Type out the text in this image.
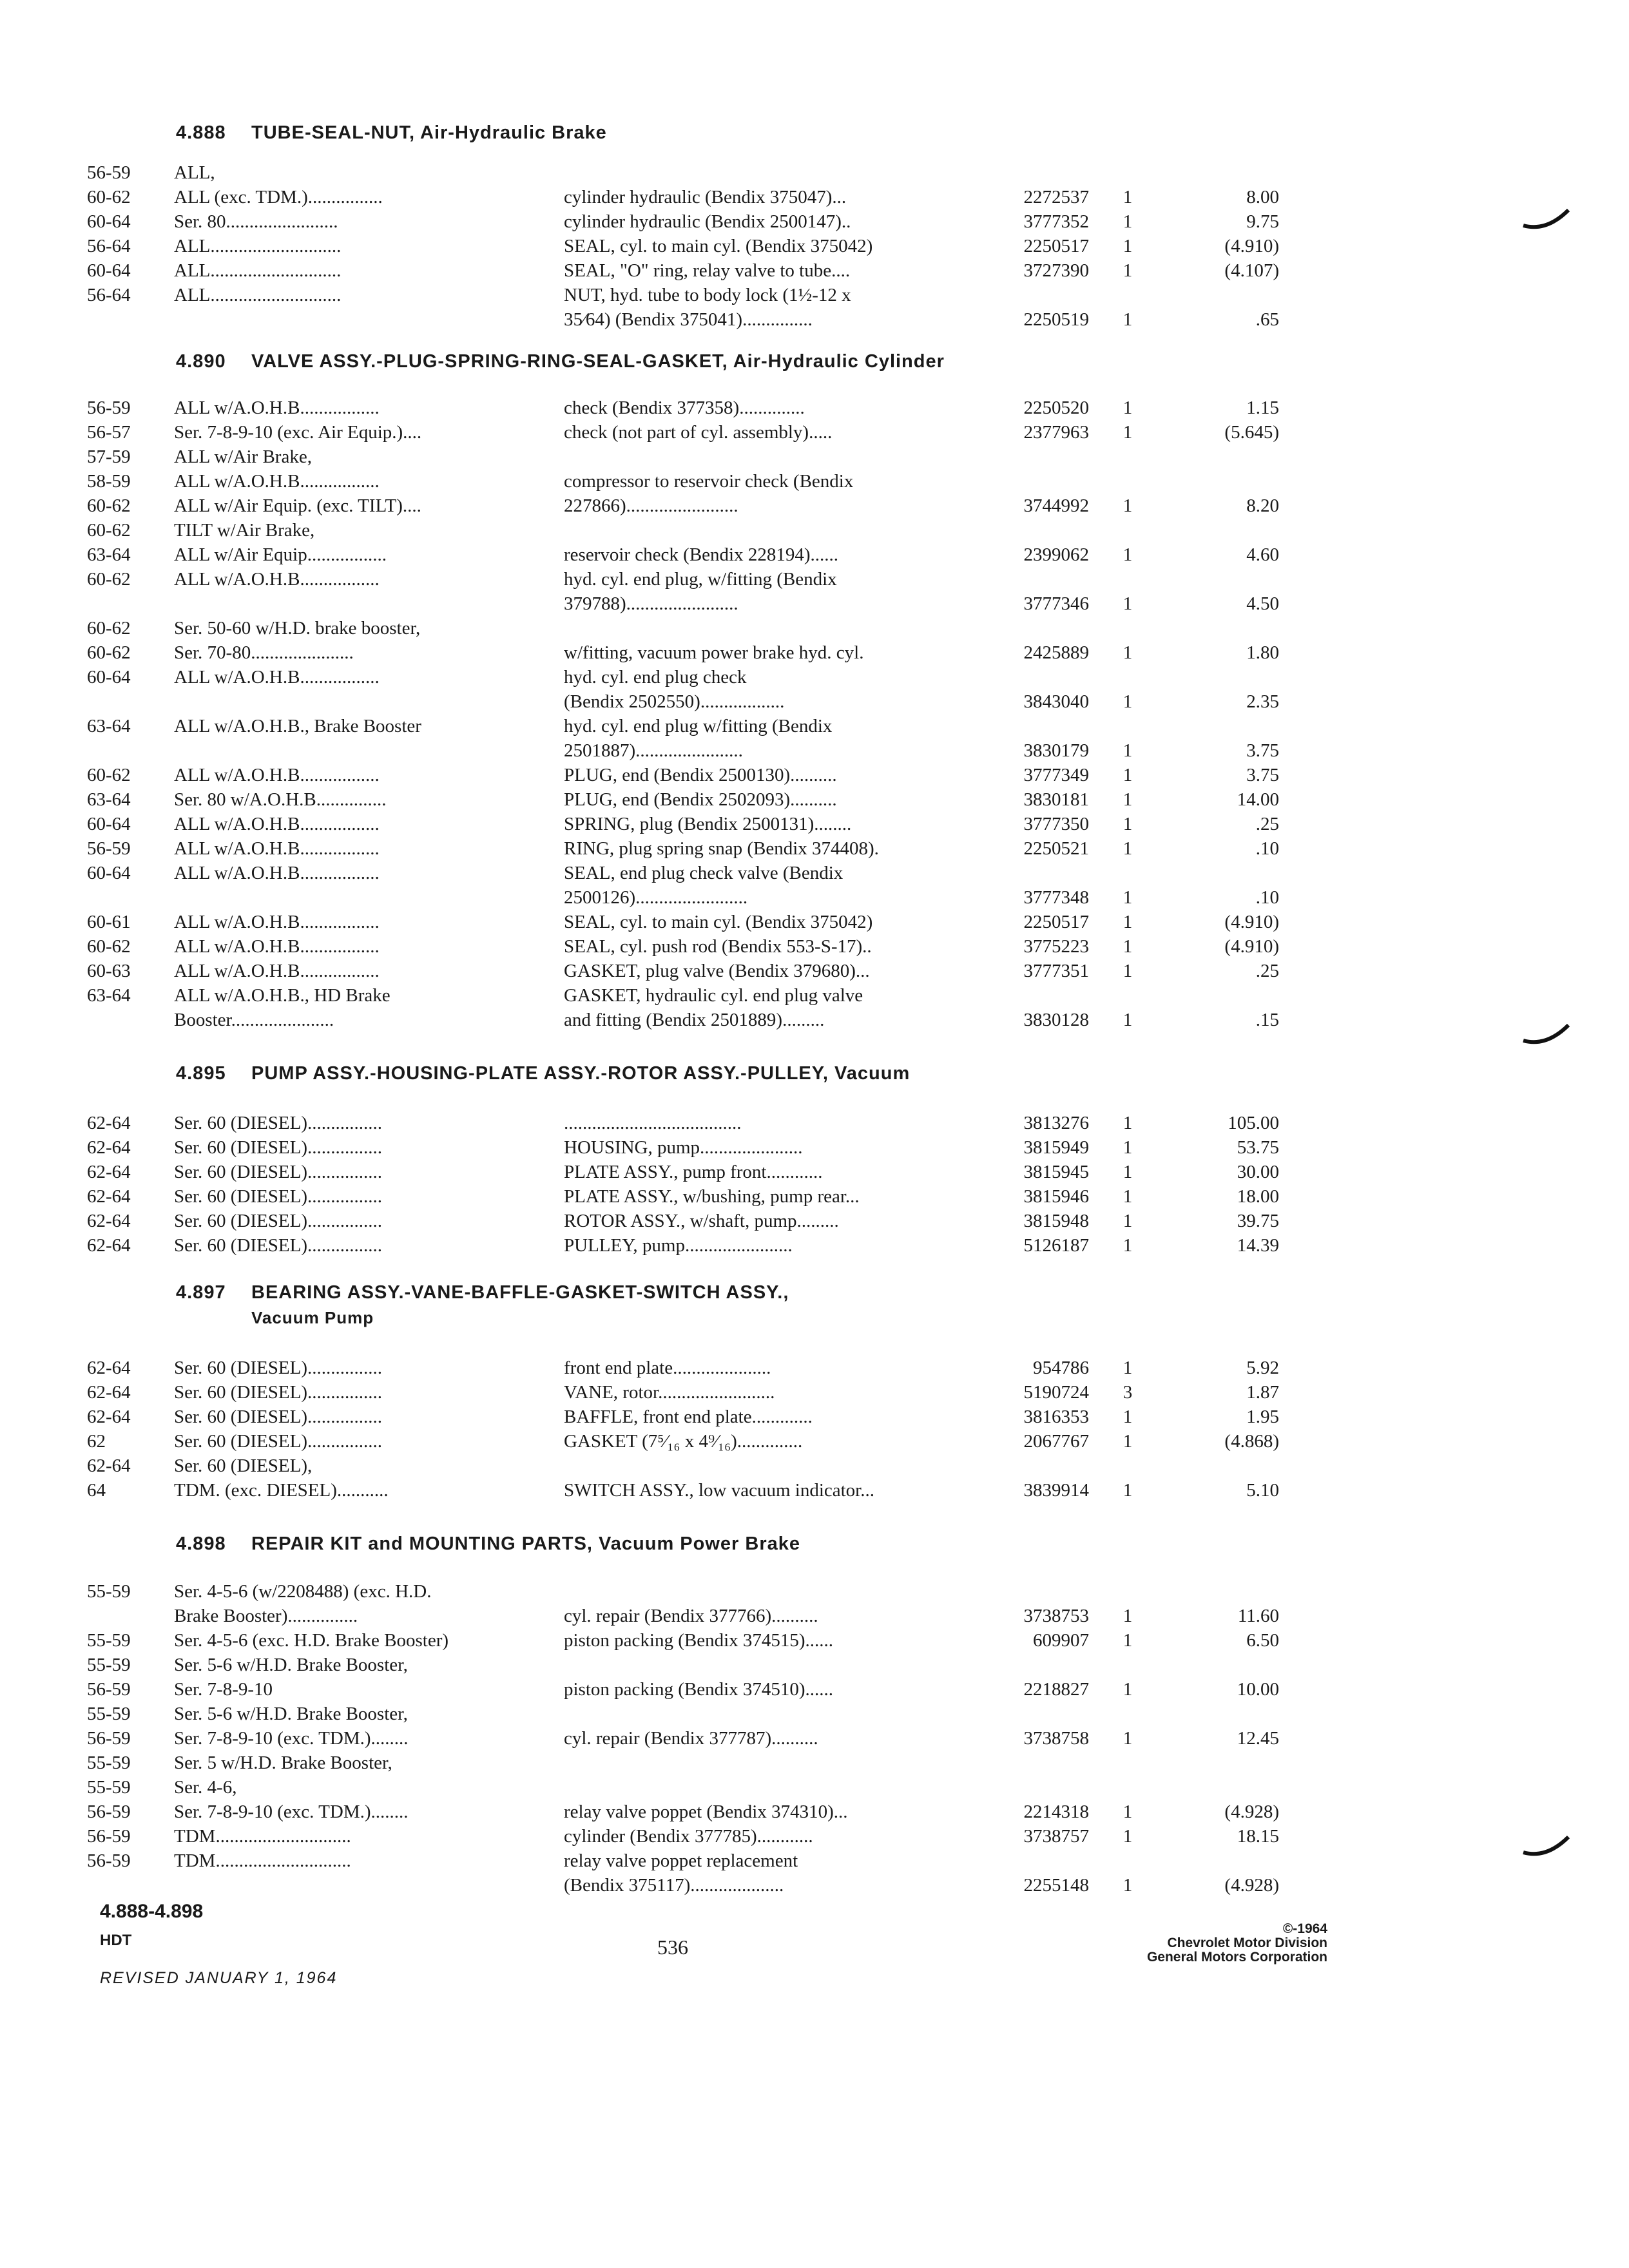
4.888 TUBE-SEAL-NUT, Air-Hydraulic Brake
56-59	ALL,
60-62	ALL (exc. TDM.)................	cylinder hydraulic (Bendix 375047)...	2272537	1	8.00
60-64	Ser. 80........................	cylinder hydraulic (Bendix 2500147)..	3777352	1	9.75
56-64	ALL............................	SEAL, cyl. to main cyl. (Bendix 375042)	2250517	1	(4.910)
60-64	ALL............................	SEAL, "O" ring, relay valve to tube....	3727390	1	(4.107)
56-64	ALL............................	NUT, hyd. tube to body lock (1½-12 x
35⁄64) (Bendix 375041)...............	2250519	1	.65
4.890 VALVE ASSY.-PLUG-SPRING-RING-SEAL-GASKET, Air-Hydraulic Cylinder
56-59	ALL w/A.O.H.B.................	check (Bendix 377358)..............	2250520	1	1.15
56-57	Ser. 7-8-9-10 (exc. Air Equip.)....	check (not part of cyl. assembly).....	2377963	1	(5.645)
57-59	ALL w/Air Brake,
58-59	ALL w/A.O.H.B.................	compressor to reservoir check (Bendix
60-62	ALL w/Air Equip. (exc. TILT)....	227866)........................	3744992	1	8.20
60-62	TILT w/Air Brake,
63-64	ALL w/Air Equip.................	reservoir check (Bendix 228194)......	2399062	1	4.60
60-62	ALL w/A.O.H.B.................	hyd. cyl. end plug, w/fitting (Bendix
379788)........................	3777346	1	4.50
60-62	Ser. 50-60 w/H.D. brake booster,
60-62	Ser. 70-80......................	w/fitting, vacuum power brake hyd. cyl.	2425889	1	1.80
60-64	ALL w/A.O.H.B.................	hyd. cyl. end plug check
(Bendix 2502550)..................	3843040	1	2.35
63-64	ALL w/A.O.H.B., Brake Booster	hyd. cyl. end plug w/fitting (Bendix
2501887).......................	3830179	1	3.75
60-62	ALL w/A.O.H.B.................	PLUG, end (Bendix 2500130)..........	3777349	1	3.75
63-64	Ser. 80 w/A.O.H.B...............	PLUG, end (Bendix 2502093)..........	3830181	1	14.00
60-64	ALL w/A.O.H.B.................	SPRING, plug (Bendix 2500131)........	3777350	1	.25
56-59	ALL w/A.O.H.B.................	RING, plug spring snap (Bendix 374408).	2250521	1	.10
60-64	ALL w/A.O.H.B.................	SEAL, end plug check valve (Bendix
2500126)........................	3777348	1	.10
60-61	ALL w/A.O.H.B.................	SEAL, cyl. to main cyl. (Bendix 375042)	2250517	1	(4.910)
60-62	ALL w/A.O.H.B.................	SEAL, cyl. push rod (Bendix 553-S-17)..	3775223	1	(4.910)
60-63	ALL w/A.O.H.B.................	GASKET, plug valve (Bendix 379680)...	3777351	1	.25
63-64	ALL w/A.O.H.B., HD Brake	GASKET, hydraulic cyl. end plug valve
Booster......................	and fitting (Bendix 2501889).........	3830128	1	.15
4.895 PUMP ASSY.-HOUSING-PLATE ASSY.-ROTOR ASSY.-PULLEY, Vacuum
62-64	Ser. 60 (DIESEL)................	......................................	3813276	1	105.00
62-64	Ser. 60 (DIESEL)................	HOUSING, pump......................	3815949	1	53.75
62-64	Ser. 60 (DIESEL)................	PLATE ASSY., pump front............	3815945	1	30.00
62-64	Ser. 60 (DIESEL)................	PLATE ASSY., w/bushing, pump rear...	3815946	1	18.00
62-64	Ser. 60 (DIESEL)................	ROTOR ASSY., w/shaft, pump.........	3815948	1	39.75
62-64	Ser. 60 (DIESEL)................	PULLEY, pump.......................	5126187	1	14.39
4.897 BEARING ASSY.-VANE-BAFFLE-GASKET-SWITCH ASSY.,
Vacuum Pump
62-64	Ser. 60 (DIESEL)................	front end plate.....................	954786	1	5.92
62-64	Ser. 60 (DIESEL)................	VANE, rotor.........................	5190724	3	1.87
62-64	Ser. 60 (DIESEL)................	BAFFLE, front end plate.............	3816353	1	1.95
62	Ser. 60 (DIESEL)................	GASKET (7⁵⁄₁₆ x 4⁹⁄₁₆)..............	2067767	1	(4.868)
62-64	Ser. 60 (DIESEL),
64	TDM. (exc. DIESEL)...........	SWITCH ASSY., low vacuum indicator...	3839914	1	5.10
4.898 REPAIR KIT and MOUNTING PARTS, Vacuum Power Brake
55-59	Ser. 4-5-6 (w/2208488) (exc. H.D.
Brake Booster)...............	cyl. repair (Bendix 377766)..........	3738753	1	11.60
55-59	Ser. 4-5-6 (exc. H.D. Brake Booster)	piston packing (Bendix 374515)......	609907	1	6.50
55-59	Ser. 5-6 w/H.D. Brake Booster,
56-59	Ser. 7-8-9-10	piston packing (Bendix 374510)......	2218827	1	10.00
55-59	Ser. 5-6 w/H.D. Brake Booster,
56-59	Ser. 7-8-9-10 (exc. TDM.)........	cyl. repair (Bendix 377787)..........	3738758	1	12.45
55-59	Ser. 5 w/H.D. Brake Booster,
55-59	Ser. 4-6,
56-59	Ser. 7-8-9-10 (exc. TDM.)........	relay valve poppet (Bendix 374310)...	2214318	1	(4.928)
56-59	TDM.............................	cylinder (Bendix 377785)............	3738757	1	18.15
56-59	TDM.............................	relay valve poppet replacement
(Bendix 375117)....................	2255148	1	(4.928)
4.888-4.898
HDT
REVISED JANUARY 1, 1964
536
©-1964
Chevrolet Motor Division
General Motors Corporation
